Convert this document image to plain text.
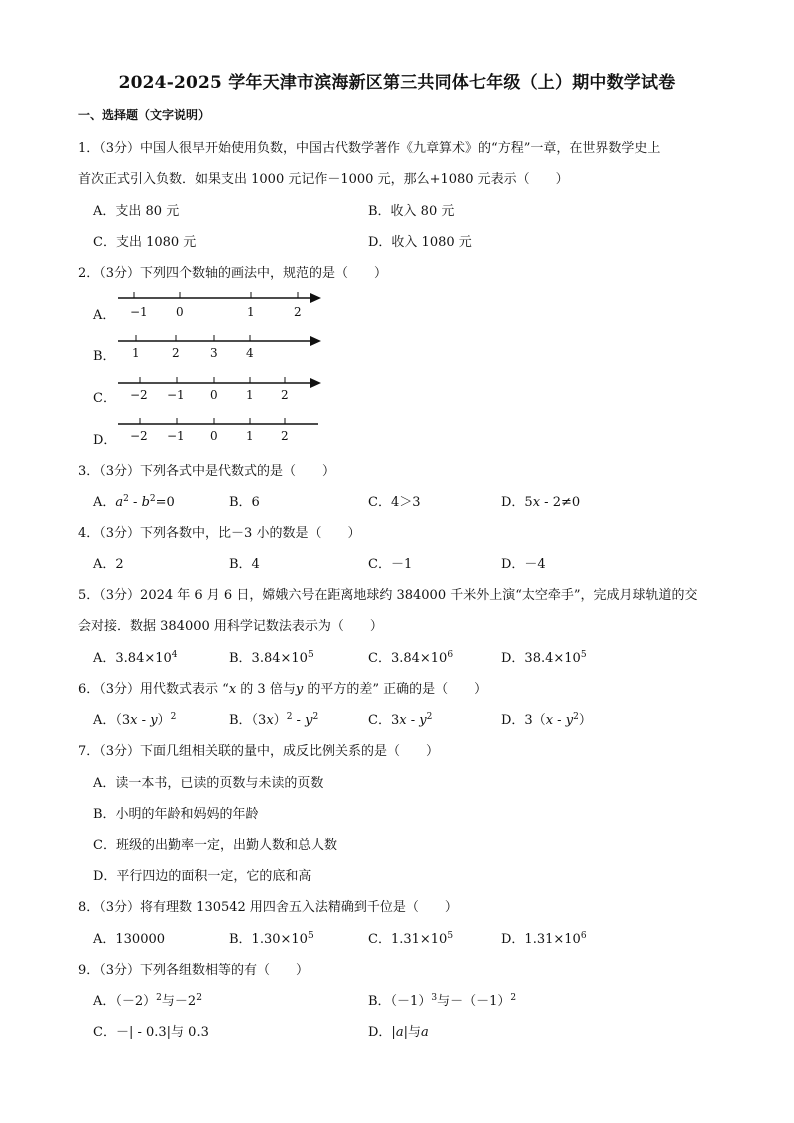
2024-2025 学年天津市滨海新区第三共同体七年级（上）期中数学试卷
一、选择题（文字说明）
1．（3分）中国人很早开始使用负数，中国古代数学著作《九章算术》的“方程”一章，在世界数学史上
首次正式引入负数．如果支出 1000 元记作－1000 元，那么+1080 元表示（　　）
A．支出 80 元	B．收入 80 元
C．支出 1080 元	D．收入 1080 元
2．（3分）下列四个数轴的画法中，规范的是（　　）
A． −1 0	1	2
B． 1	2	3 4
C． −2 −1 0 1 2
D． −2 −1 0 1 2
3．（3分）下列各式中是代数式的是（　　）
A．$a^2 - b^2=0$	B．6	C．4＞3	D．5x - 2≠0
4．（3分）下列各数中，比－3 小的数是（　　）
A．2	B．4	C．－1	D．－4
5．（3分）2024 年 6 月 6 日，嫦娥六号在距离地球约 384000 千米外上演“太空牵手”，完成月球轨道的交
会对接．数据 384000 用科学记数法表示为（　　）
A．$3.84\times 10^4$	B．$3.84\times 10^5$	C．$3.84\times 10^6$	D．$38.4\times 10^5$
6．（3分）用代数式表示 “x 的 3 倍与y 的平方的差” 正确的是（　　）
A．（3x - y）$^2$	B．$(3x)^2 - y^2$	C．$3x - y^2$	D．$3(x - y^2)$
7．（3分）下面几组相关联的量中，成反比例关系的是（　　）
A．读一本书，已读的页数与未读的页数
B．小明的年龄和妈妈的年龄
C．班级的出勤率一定，出勤人数和总人数
D．平行四边的面积一定，它的底和高
8．（3分）将有理数 130542 用四舍五入法精确到千位是（　　）
A．130000	B．$1.30\times 10^5$	C．$1.31\times 10^5$	D．$1.31\times 10^6$
9．（3分）下列各组数相等的有（　　）
A．$(-2)^2$与$-2^2$	B．$(-1)^3$与$-(-1)^2$
C．－| - 0.3|与 0.3	D．|a|与a
